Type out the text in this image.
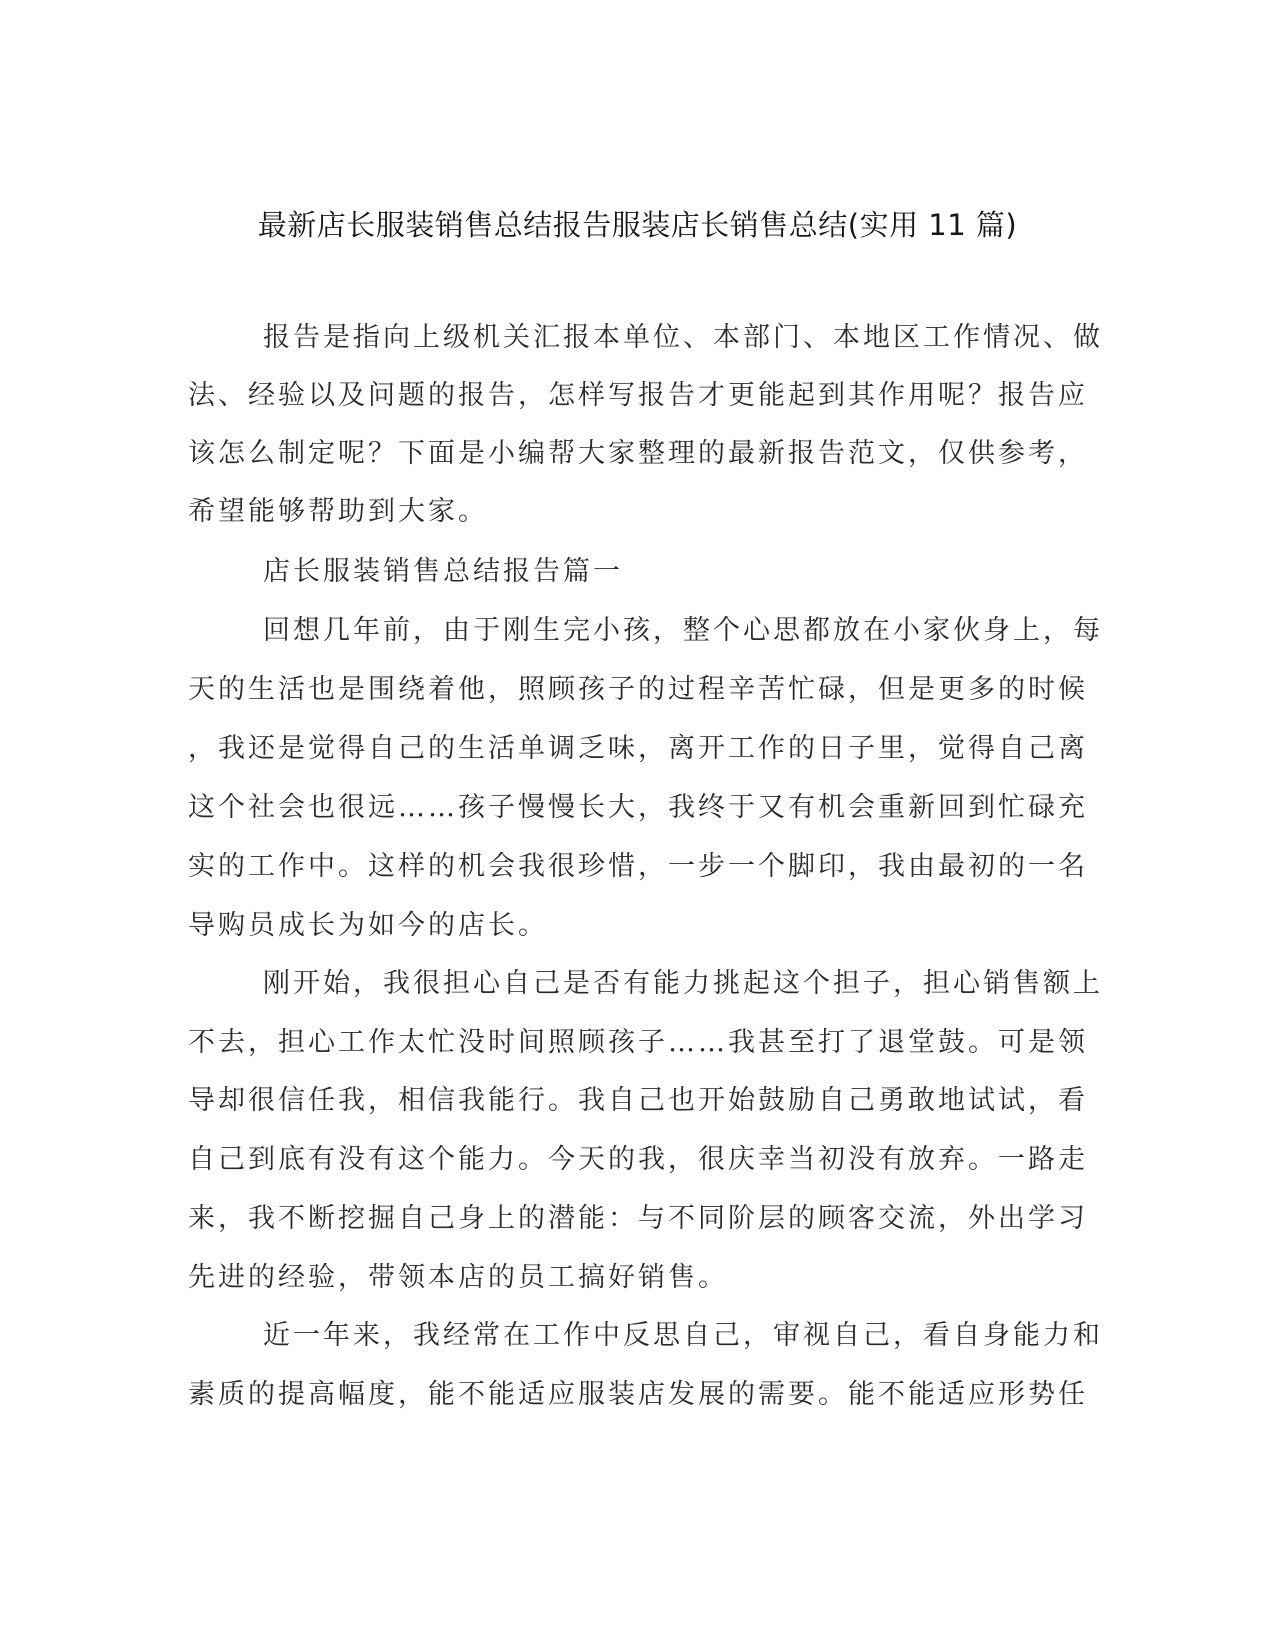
最新店长服装销售总结报告服装店长销售总结(实用 11 篇)
报告是指向上级机关汇报本单位、本部门、本地区工作情况、做
法、经验以及问题的报告，怎样写报告才更能起到其作用呢？报告应
该怎么制定呢？下面是小编帮大家整理的最新报告范文，仅供参考，
希望能够帮助到大家。
店长服装销售总结报告篇一
回想几年前，由于刚生完小孩，整个心思都放在小家伙身上，每
天的生活也是围绕着他，照顾孩子的过程辛苦忙碌，但是更多的时候
，我还是觉得自己的生活单调乏味，离开工作的日子里，觉得自己离
这个社会也很远……孩子慢慢长大，我终于又有机会重新回到忙碌充
实的工作中。这样的机会我很珍惜，一步一个脚印，我由最初的一名
导购员成长为如今的店长。
刚开始，我很担心自己是否有能力挑起这个担子，担心销售额上
不去，担心工作太忙没时间照顾孩子……我甚至打了退堂鼓。可是领
导却很信任我，相信我能行。我自己也开始鼓励自己勇敢地试试，看
自己到底有没有这个能力。今天的我，很庆幸当初没有放弃。一路走
来，我不断挖掘自己身上的潜能：与不同阶层的顾客交流，外出学习
先进的经验，带领本店的员工搞好销售。
近一年来，我经常在工作中反思自己，审视自己，看自身能力和
素质的提高幅度，能不能适应服装店发展的需要。能不能适应形势任
